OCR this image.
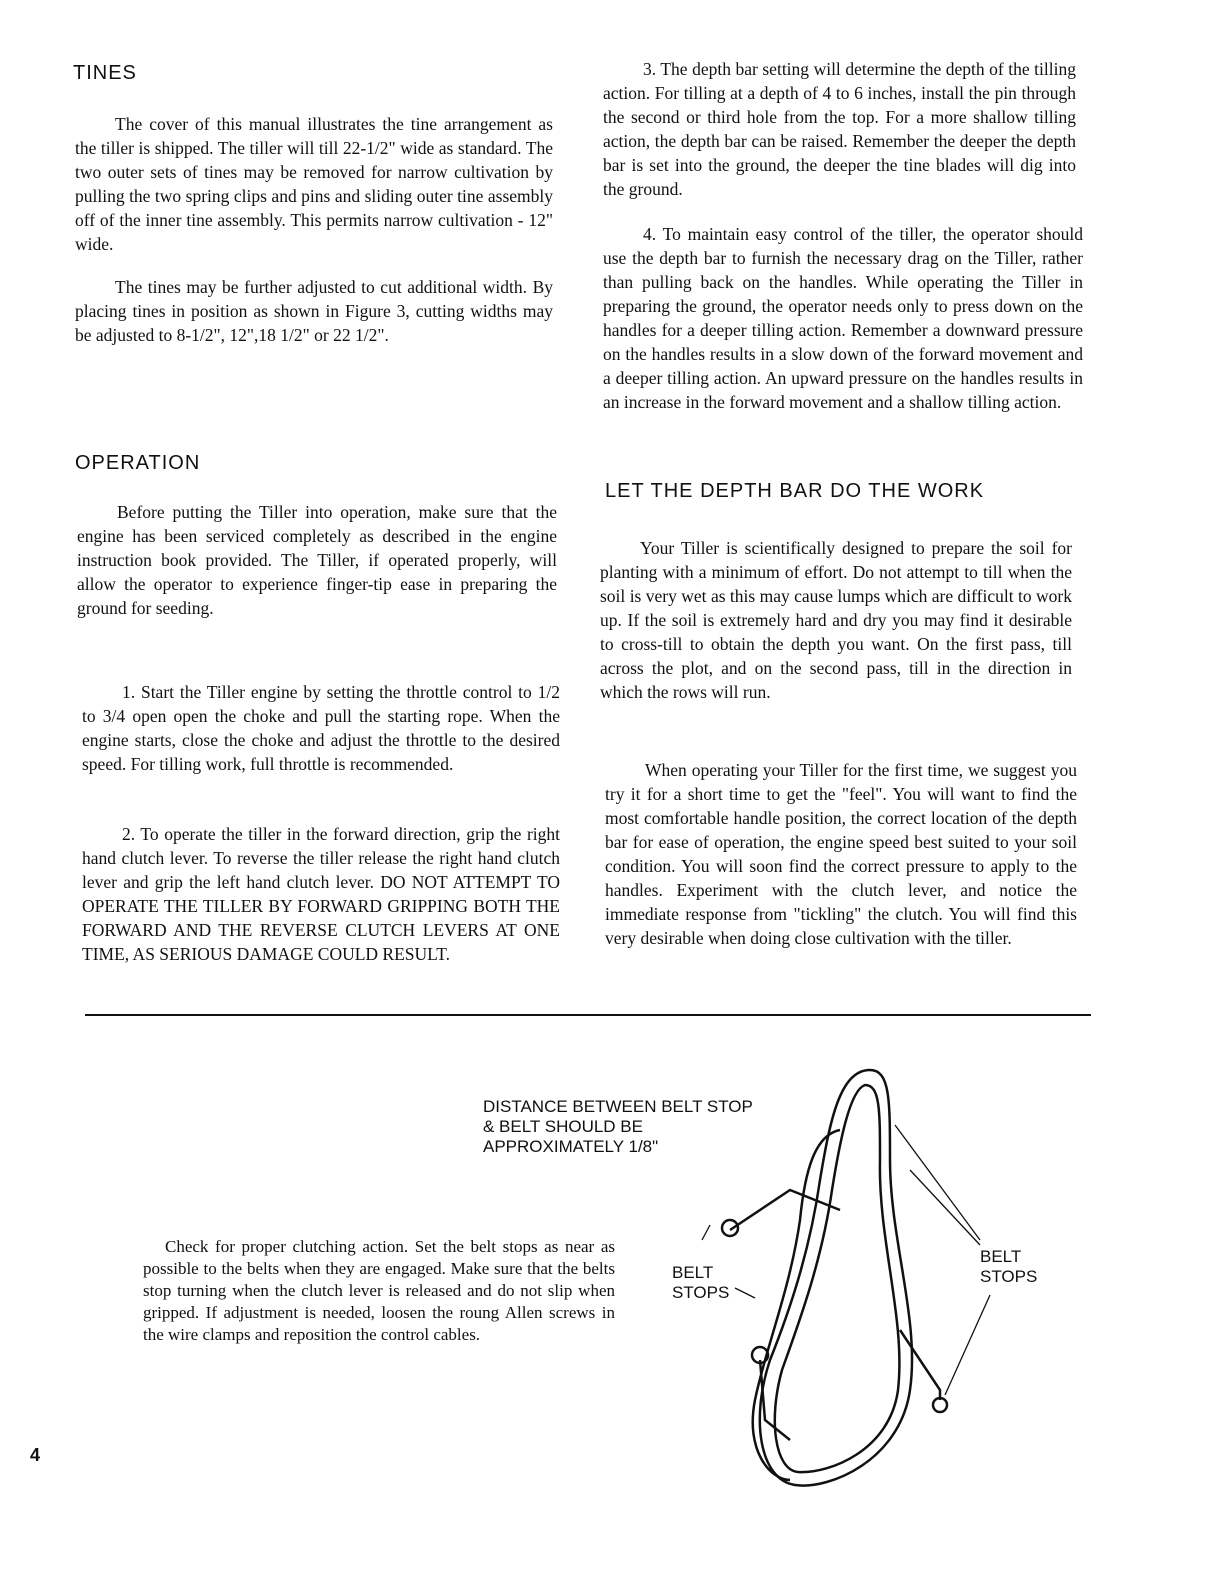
TINES
The cover of this manual illustrates the tine arrangement as the tiller is shipped. The tiller will till 22-1/2" wide as standard. The two outer sets of tines may be removed for narrow cultivation by pulling the two spring clips and pins and sliding outer tine assembly off of the inner tine assembly. This permits narrow cultivation - 12" wide.
The tines may be further adjusted to cut additional width. By placing tines in position as shown in Figure 3, cutting widths may be adjusted to 8-1/2", 12",18 1/2" or 22 1/2".
OPERATION
Before putting the Tiller into operation, make sure that the engine has been serviced completely as described in the engine instruction book provided. The Tiller, if operated properly, will allow the operator to experience finger-tip ease in preparing the ground for seeding.
1. Start the Tiller engine by setting the throttle control to 1/2 to 3/4 open open the choke and pull the starting rope. When the engine starts, close the choke and adjust the throttle to the desired speed. For tilling work, full throttle is recommended.
2. To operate the tiller in the forward direction, grip the right hand clutch lever. To reverse the tiller release the right hand clutch lever and grip the left hand clutch lever. DO NOT ATTEMPT TO OPERATE THE TILLER BY FORWARD GRIPPING BOTH THE FORWARD AND THE REVERSE CLUTCH LEVERS AT ONE TIME, AS SERIOUS DAMAGE COULD RESULT.
3. The depth bar setting will determine the depth of the tilling action. For tilling at a depth of 4 to 6 inches, install the pin through the second or third hole from the top. For a more shallow tilling action, the depth bar can be raised. Remember the deeper the depth bar is set into the ground, the deeper the tine blades will dig into the ground.
4. To maintain easy control of the tiller, the operator should use the depth bar to furnish the necessary drag on the Tiller, rather than pulling back on the handles. While operating the Tiller in preparing the ground, the operator needs only to press down on the handles for a deeper tilling action. Remember a downward pressure on the handles results in a slow down of the forward movement and a deeper tilling action. An upward pressure on the handles results in an increase in the forward movement and a shallow tilling action.
LET THE DEPTH BAR DO THE WORK
Your Tiller is scientifically designed to prepare the soil for planting with a minimum of effort. Do not attempt to till when the soil is very wet as this may cause lumps which are difficult to work up. If the soil is extremely hard and dry you may find it desirable to cross-till to obtain the depth you want. On the first pass, till across the plot, and on the second pass, till in the direction in which the rows will run.
When operating your Tiller for the first time, we suggest you try it for a short time to get the "feel". You will want to find the most comfortable handle position, the correct location of the depth bar for ease of operation, the engine speed best suited to your soil condition. You will soon find the correct pressure to apply to the handles. Experiment with the clutch lever, and notice the immediate response from "tickling" the clutch. You will find this very desirable when doing close cultivation with the tiller.
DISTANCE BETWEEN BELT STOP & BELT SHOULD BE APPROXIMATELY 1/8"
BELT STOPS
BELT STOPS
Check for proper clutching action. Set the belt stops as near as possible to the belts when they are engaged. Make sure that the belts stop turning when the clutch lever is released and do not slip when gripped. If adjustment is needed, loosen the roung Allen screws in the wire clamps and reposition the control cables.
4
